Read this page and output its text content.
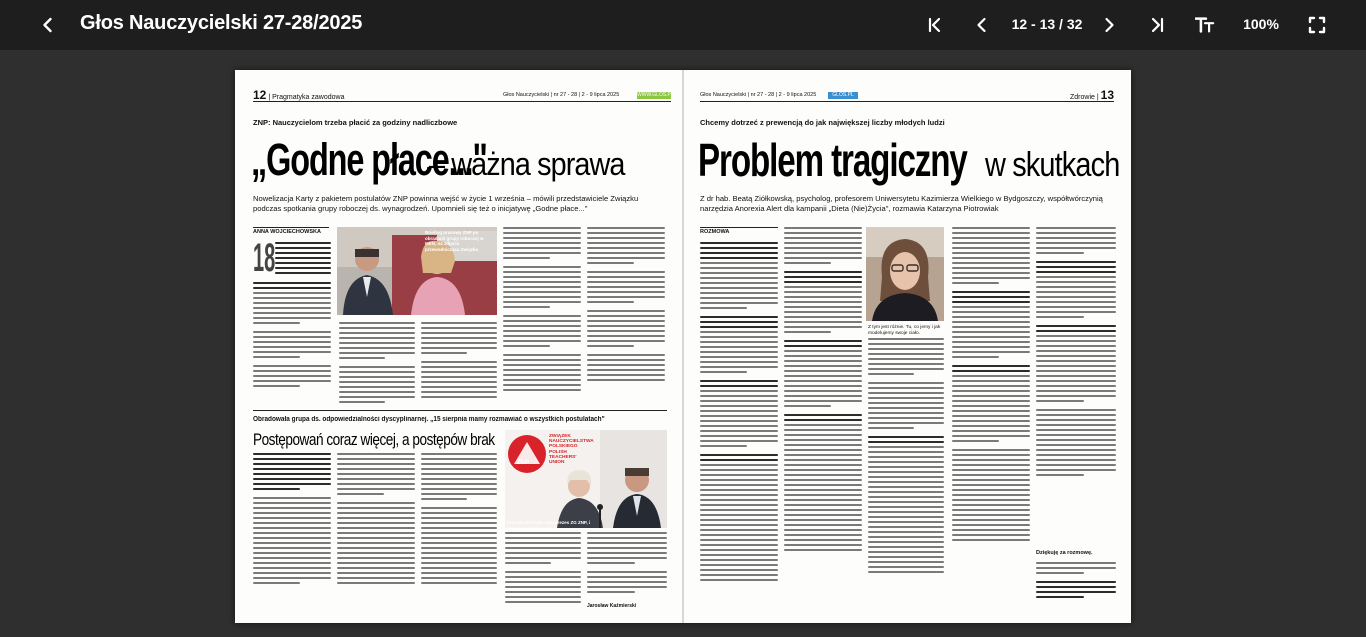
Głos Nauczycielski 27-28/2025	12 - 13 / 32	100%
12 | Pragmatyka zawodowa	Głos Nauczycielski | nr 27 - 28 | 2 - 9 lipca 2025	WWW.GLOS.PL
ZNP: Nauczycielom trzeba płacić za godziny nadliczbowe
„Godne płace..."– ważna sprawa
Nowelizacja Karty z pakietem postulatów ZNP powinna wejść w życie 1 września – mówili przedstawiciele Związku podczas spotkania grupy roboczej ds. wynagrodzeń. Upomnieli się też o inicjatywę „Godne płace..."
ANNA WOJCIECHOWSKA
18
Briefing prasowy ZNP po obradach grupy roboczej w MEN, na zdjęciu przewodnicząca Związku
Obradowała grupa ds. odpowiedzialności dyscyplinarnej. „15 sierpnia mamy rozmawiać o wszystkich postulatach"
Postępowań coraz więcej, a postępów brak	ZWIĄZEK
NAUCZYCIELSTWA
POLSKIEGO
POLISH
TEACHERS'
UNION
ZNP
Urszula Woźniak, wiceprezes ZG ZNP, i Jarosław Kaźmierski
Jarosław Kaźmierski
Głos Nauczycielski | nr 27 - 28 | 2 - 9 lipca 2025	GLOS.PL	Zdrowie | 13
Chcemy dotrzeć z prewencją do jak największej liczby młodych ludzi
Problem tragiczny w skutkach
Z dr hab. Beatą Ziółkowską, psycholog, profesorem Uniwersytetu Kazimierza Wielkiego w Bydgoszczy, współtwórczynią narzędzia Anorexia Alert dla kampanii „Dieta (Nie)Życia", rozmawia Katarzyna Piotrowiak
ROZMOWA
Z tym jest różnie. Tu, co jemy i jak modelujemy swoje ciało.
Dziękuję za rozmowę.
